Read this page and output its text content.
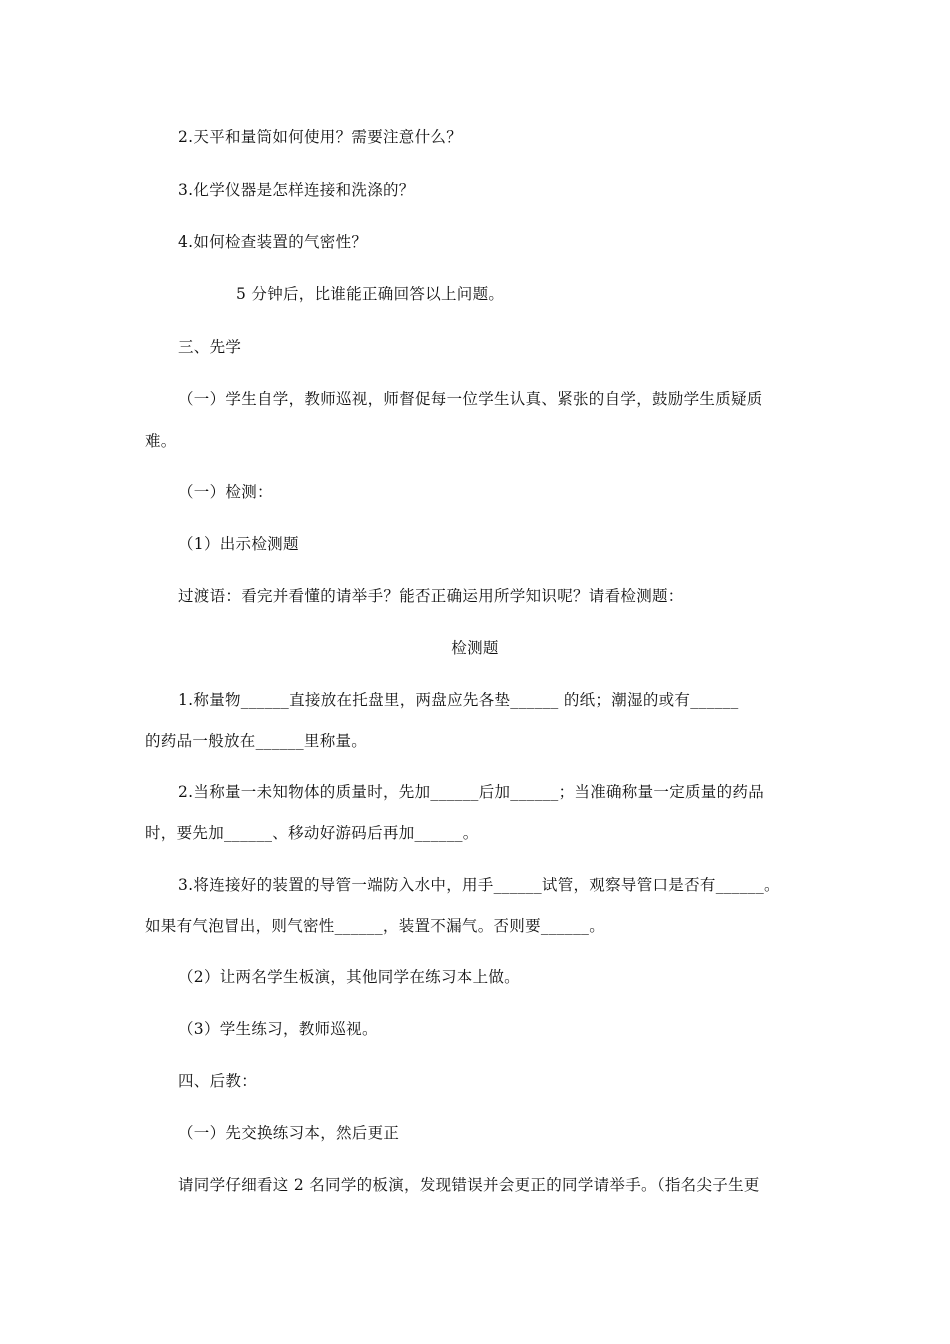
2.天平和量筒如何使用？需要注意什么？
3.化学仪器是怎样连接和洗涤的？
4.如何检查装置的气密性？
5 分钟后，比谁能正确回答以上问题。
三、先学
（一）学生自学，教师巡视，师督促每一位学生认真、紧张的自学，鼓励学生质疑质
难。
（一）检测：
（1）出示检测题
过渡语：看完并看懂的请举手？能否正确运用所学知识呢？请看检测题：
检测题
1.称量物______直接放在托盘里，两盘应先各垫______ 的纸；潮湿的或有______
的药品一般放在______里称量。
2.当称量一未知物体的质量时，先加______后加______；当准确称量一定质量的药品
时，要先加______、移动好游码后再加______。
3.将连接好的装置的导管一端防入水中，用手______试管，观察导管口是否有______。
如果有气泡冒出，则气密性______，装置不漏气。否则要______。
（2）让两名学生板演，其他同学在练习本上做。
（3）学生练习，教师巡视。
四、后教：
（一）先交换练习本，然后更正
请同学仔细看这 2 名同学的板演，发现错误并会更正的同学请举手。（指名尖子生更
